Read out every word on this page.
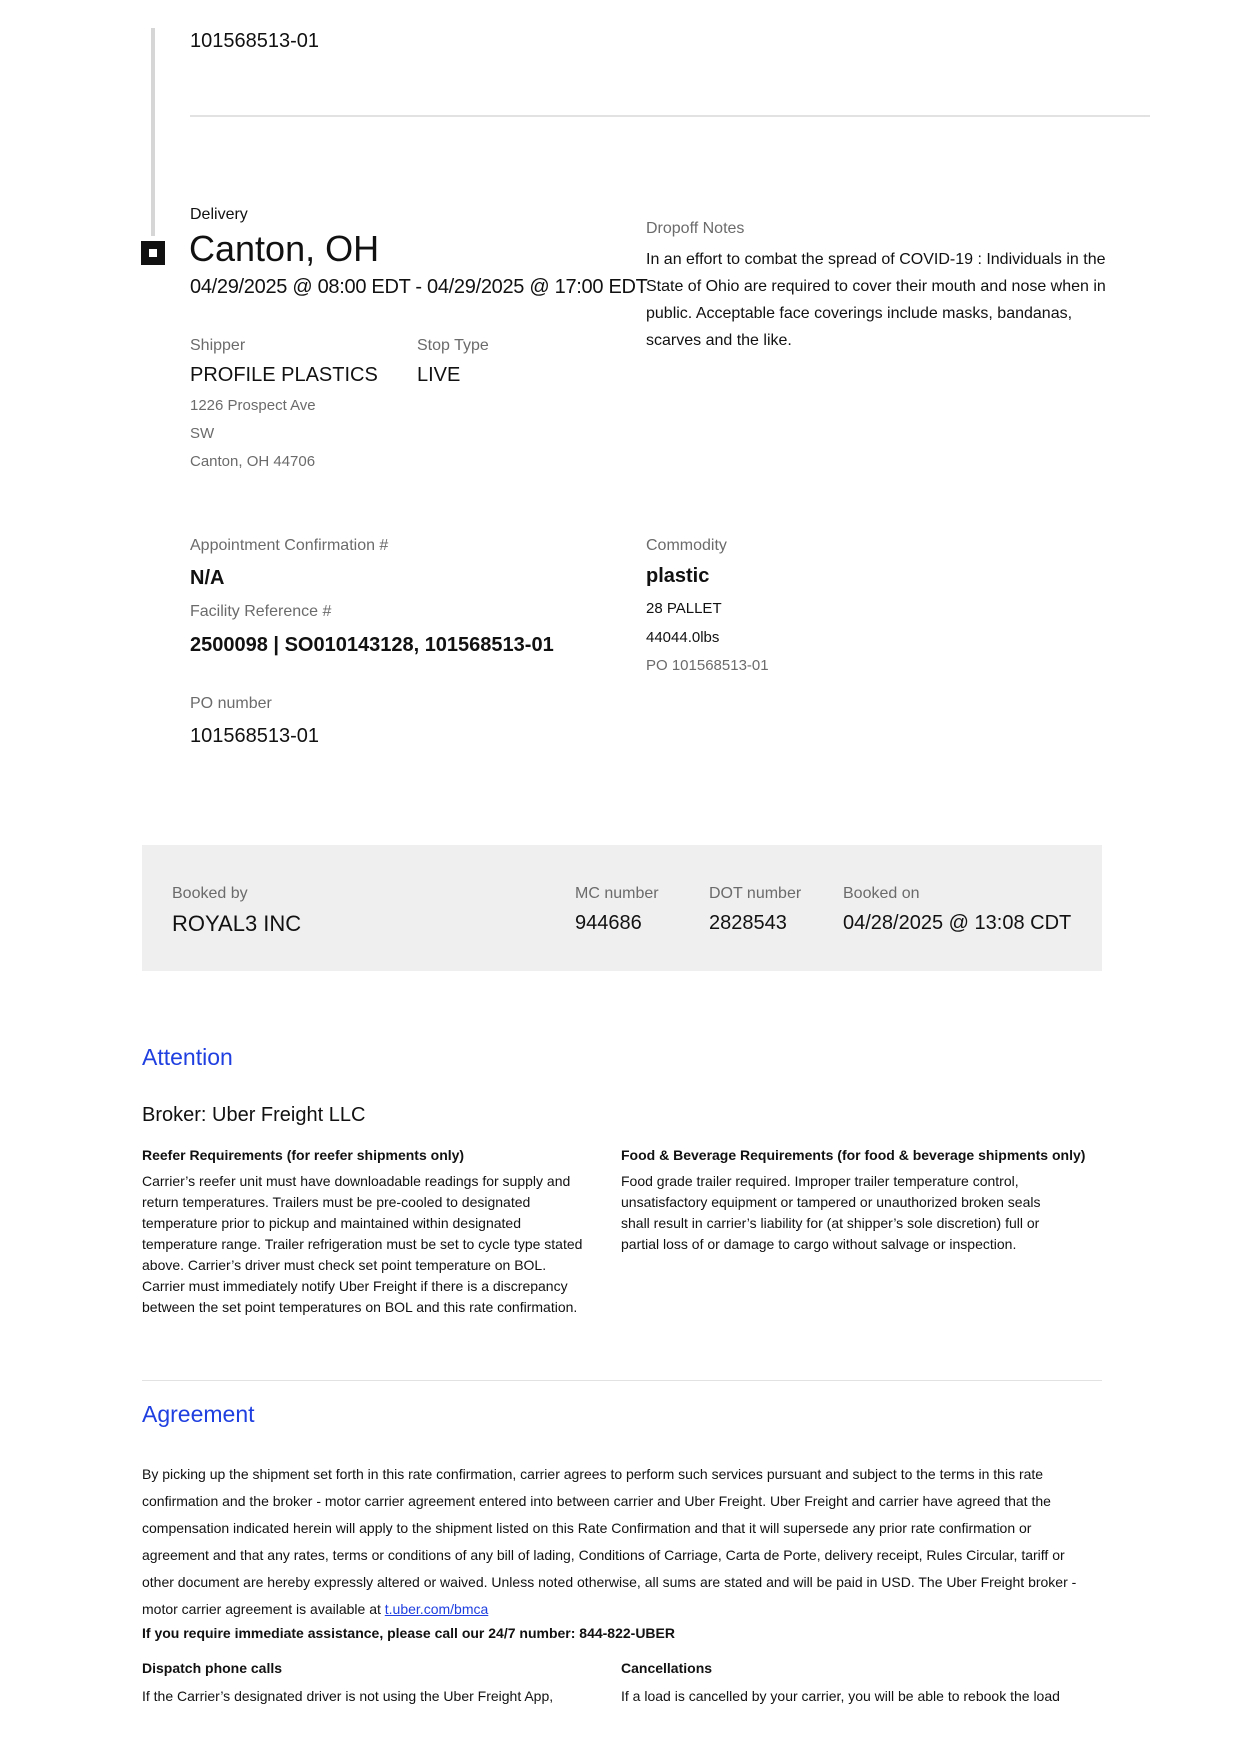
101568513-01
Delivery
Canton, OH
04/29/2025 @ 08:00 EDT - 04/29/2025 @ 17:00 EDT
Dropoff Notes
In an effort to combat the spread of COVID-19 : Individuals in the State of Ohio are required to cover their mouth and nose when in public. Acceptable face coverings include masks, bandanas, scarves and the like.
Shipper
PROFILE PLASTICS
1226 Prospect Ave
SW
Canton, OH 44706
Stop Type
LIVE
Appointment Confirmation #
N/A
Facility Reference #
2500098 | SO010143128, 101568513-01
PO number
101568513-01
Commodity
plastic
28 PALLET
44044.0lbs
PO 101568513-01
Booked by
ROYAL3 INC
MC number
944686
DOT number
2828543
Booked on
04/28/2025 @ 13:08 CDT
Attention
Broker: Uber Freight LLC
Reefer Requirements (for reefer shipments only)
Carrier’s reefer unit must have downloadable readings for supply and return temperatures. Trailers must be pre-cooled to designated temperature prior to pickup and maintained within designated temperature range. Trailer refrigeration must be set to cycle type stated above. Carrier’s driver must check set point temperature on BOL. Carrier must immediately notify Uber Freight if there is a discrepancy between the set point temperatures on BOL and this rate confirmation.
Food & Beverage Requirements (for food & beverage shipments only)
Food grade trailer required. Improper trailer temperature control, unsatisfactory equipment or tampered or unauthorized broken seals shall result in carrier’s liability for (at shipper’s sole discretion) full or partial loss of or damage to cargo without salvage or inspection.
Agreement

By picking up the shipment set forth in this rate confirmation, carrier agrees to perform such services pursuant and subject to the terms in this rate confirmation and the broker - motor carrier agreement entered into between carrier and Uber Freight. Uber Freight and carrier have agreed that the compensation indicated herein will apply to the shipment listed on this Rate Confirmation and that it will supersede any prior rate confirmation or agreement and that any rates, terms or conditions of any bill of lading, Conditions of Carriage, Carta de Porte, delivery receipt, Rules Circular, tariff or other document are hereby expressly altered or waived. Unless noted otherwise, all sums are stated and will be paid in USD. The Uber Freight broker - motor carrier agreement is available at t.uber.com/bmca

If you require immediate assistance, please call our 24/7 number: 844-822-UBER
Dispatch phone calls
If the Carrier’s designated driver is not using the Uber Freight App,
Cancellations
If a load is cancelled by your carrier, you will be able to rebook the load
